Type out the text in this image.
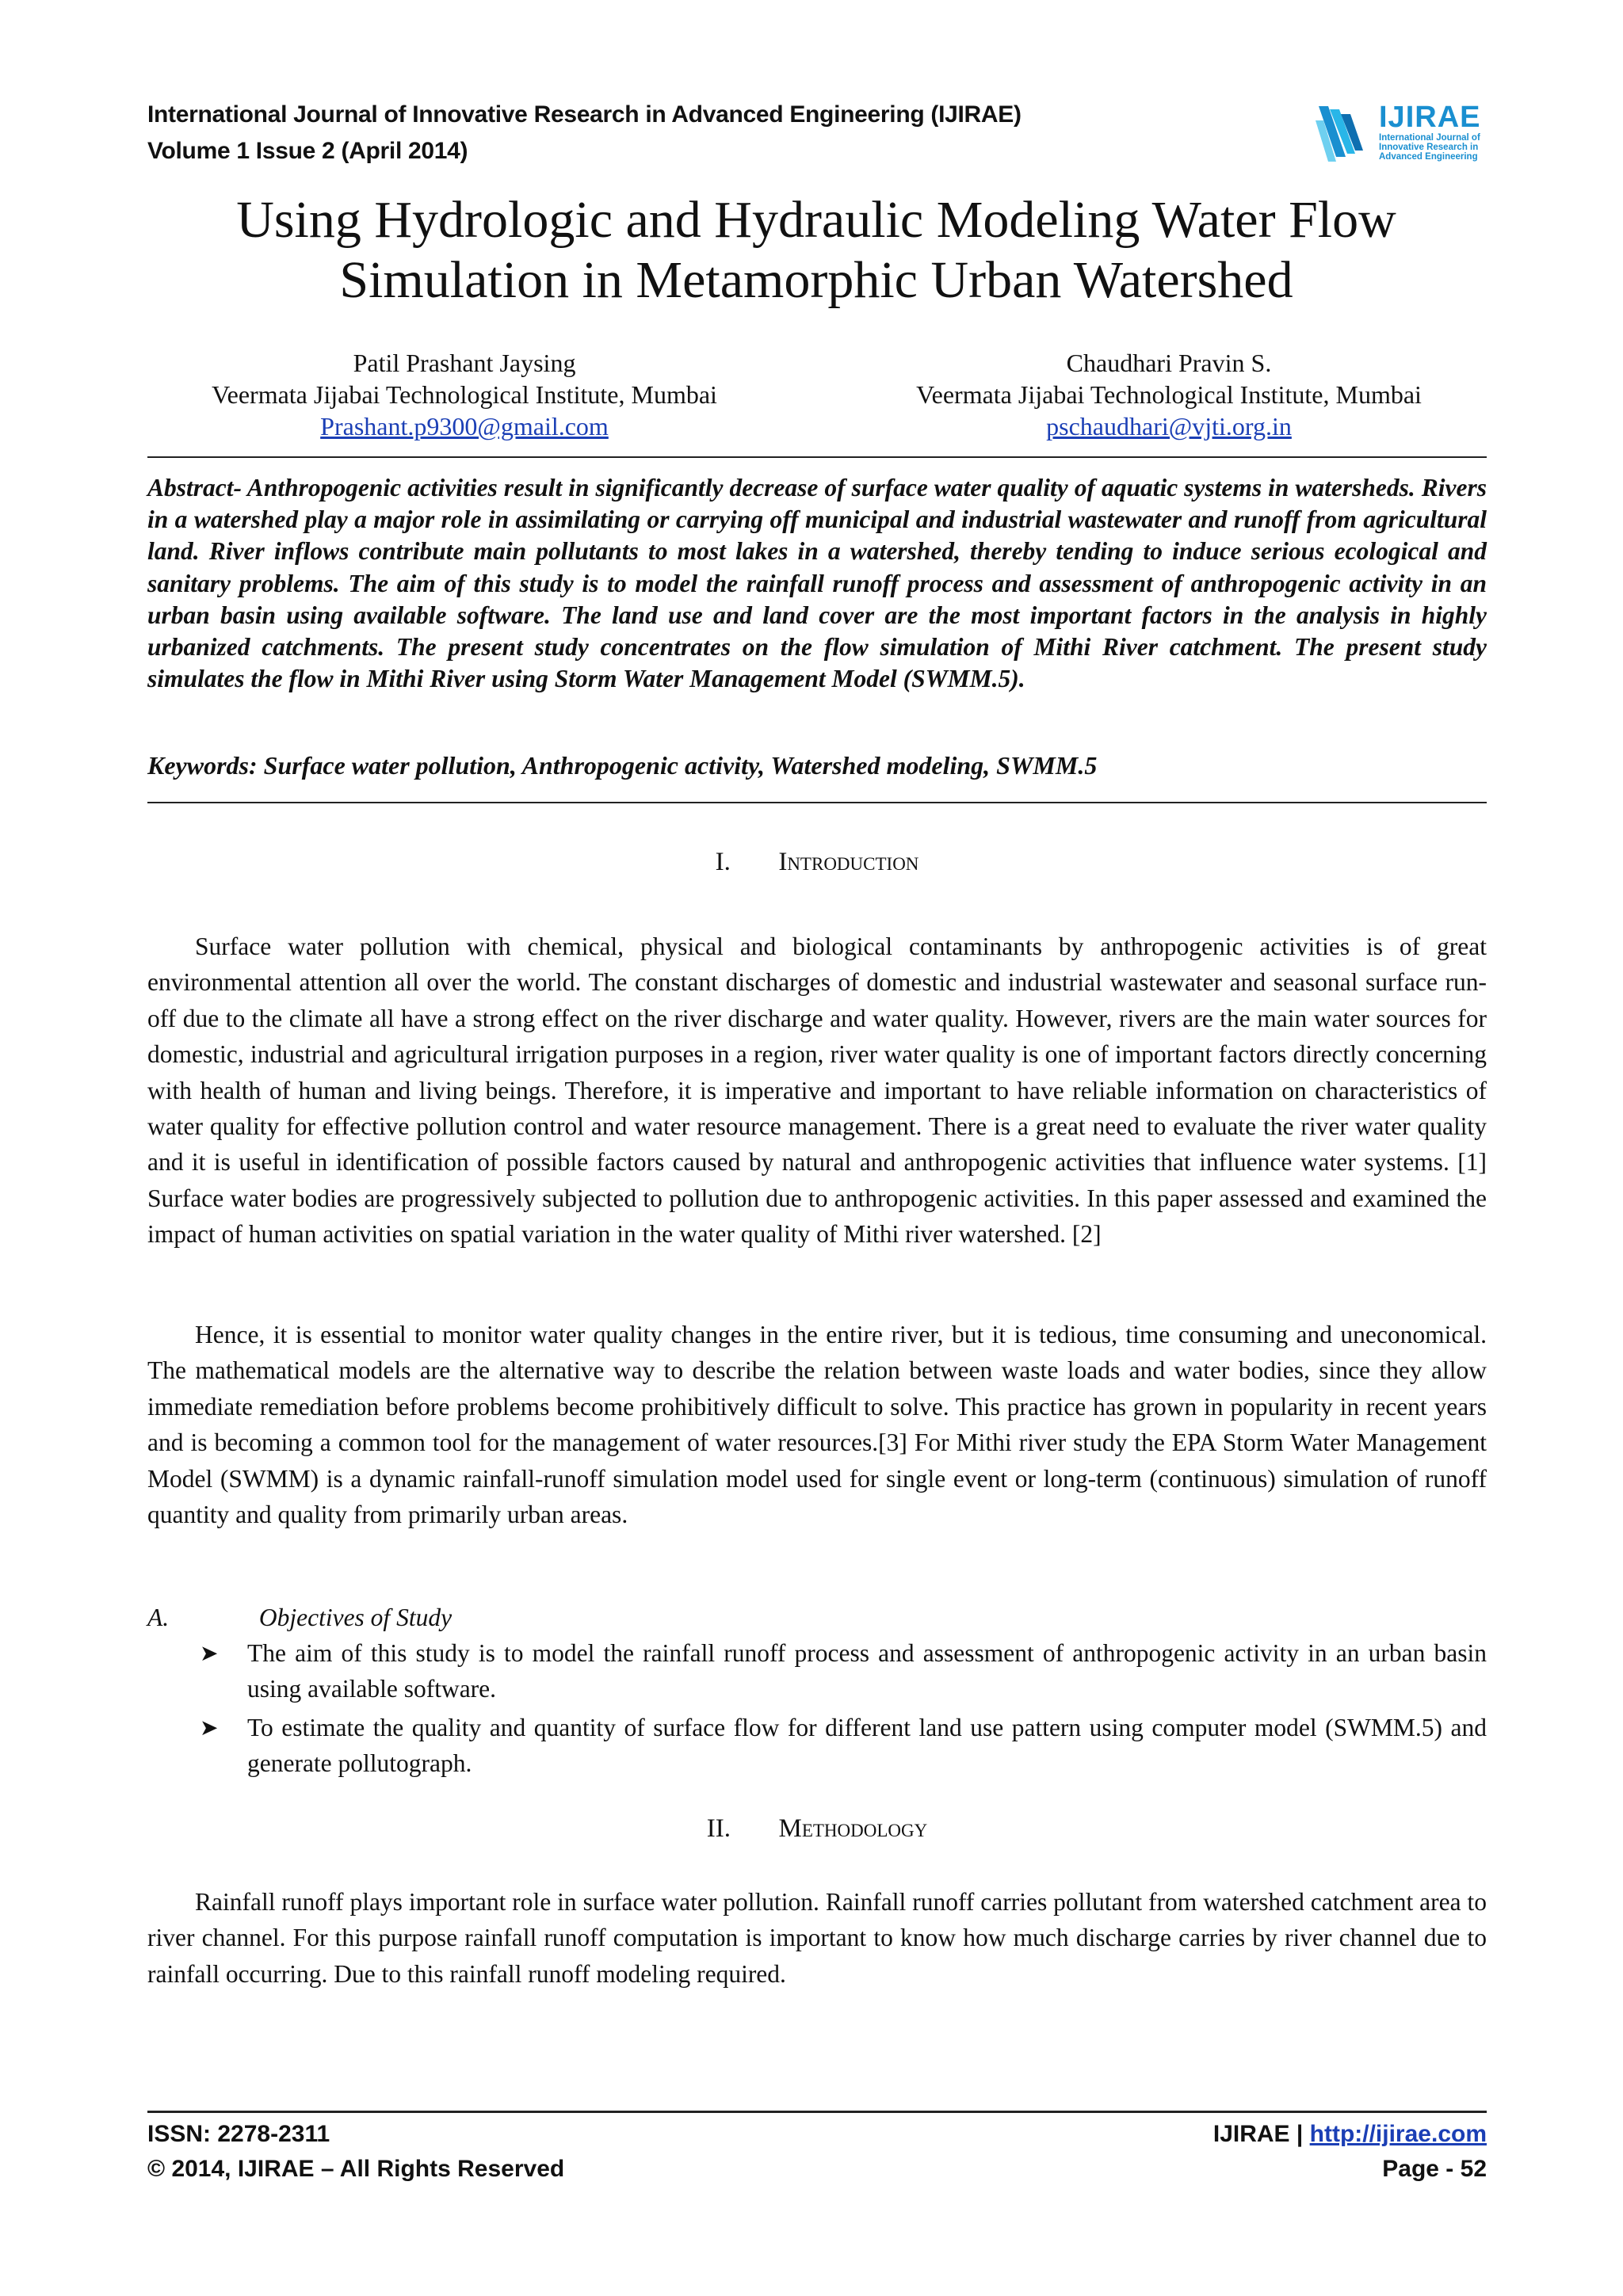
International Journal of Innovative Research in Advanced Engineering (IJIRAE)
Volume 1 Issue 2 (April 2014)
IJIRAE
International Journal of Innovative Research in Advanced Engineering
Using Hydrologic and Hydraulic Modeling Water Flow
Simulation in Metamorphic Urban Watershed
Patil Prashant Jaysing
Veermata Jijabai Technological Institute, Mumbai
Prashant.p9300@gmail.com
Chaudhari Pravin S.
Veermata Jijabai Technological Institute, Mumbai
pschaudhari@vjti.org.in
Abstract- Anthropogenic activities result in significantly decrease of surface water quality of aquatic systems in watersheds. Rivers in a watershed play a major role in assimilating or carrying off municipal and industrial wastewater and runoff from agricultural land. River inflows contribute main pollutants to most lakes in a watershed, thereby tending to induce serious ecological and sanitary problems. The aim of this study is to model the rainfall runoff process and assessment of anthropogenic activity in an urban basin using available software. The land use and land cover are the most important factors in the analysis in highly urbanized catchments. The present study concentrates on the flow simulation of Mithi River catchment. The present study simulates the flow in Mithi River using Storm Water Management Model (SWMM.5).
Keywords: Surface water pollution, Anthropogenic activity, Watershed modeling, SWMM.5
I. Introduction
Surface water pollution with chemical, physical and biological contaminants by anthropogenic activities is of great environmental attention all over the world. The constant discharges of domestic and industrial wastewater and seasonal surface run-off due to the climate all have a strong effect on the river discharge and water quality. However, rivers are the main water sources for domestic, industrial and agricultural irrigation purposes in a region, river water quality is one of important factors directly concerning with health of human and living beings. Therefore, it is imperative and important to have reliable information on characteristics of water quality for effective pollution control and water resource management. There is a great need to evaluate the river water quality and it is useful in identification of possible factors caused by natural and anthropogenic activities that influence water systems. [1] Surface water bodies are progressively subjected to pollution due to anthropogenic activities. In this paper assessed and examined the impact of human activities on spatial variation in the water quality of Mithi river watershed. [2]
Hence, it is essential to monitor water quality changes in the entire river, but it is tedious, time consuming and uneconomical. The mathematical models are the alternative way to describe the relation between waste loads and water bodies, since they allow immediate remediation before problems become prohibitively difficult to solve. This practice has grown in popularity in recent years and is becoming a common tool for the management of water resources.[3] For Mithi river study the EPA Storm Water Management Model (SWMM) is a dynamic rainfall-runoff simulation model used for single event or long-term (continuous) simulation of runoff quantity and quality from primarily urban areas.
A.	Objectives of Study
➤ The aim of this study is to model the rainfall runoff process and assessment of anthropogenic activity in an urban basin using available software.
➤ To estimate the quality and quantity of surface flow for different land use pattern using computer model (SWMM.5) and generate pollutograph.
II. Methodology
Rainfall runoff plays important role in surface water pollution. Rainfall runoff carries pollutant from watershed catchment area to river channel. For this purpose rainfall runoff computation is important to know how much discharge carries by river channel due to rainfall occurring. Due to this rainfall runoff modeling required.
ISSN: 2278-2311
© 2014, IJIRAE – All Rights Reserved
IJIRAE | http://ijirae.com
Page - 52
